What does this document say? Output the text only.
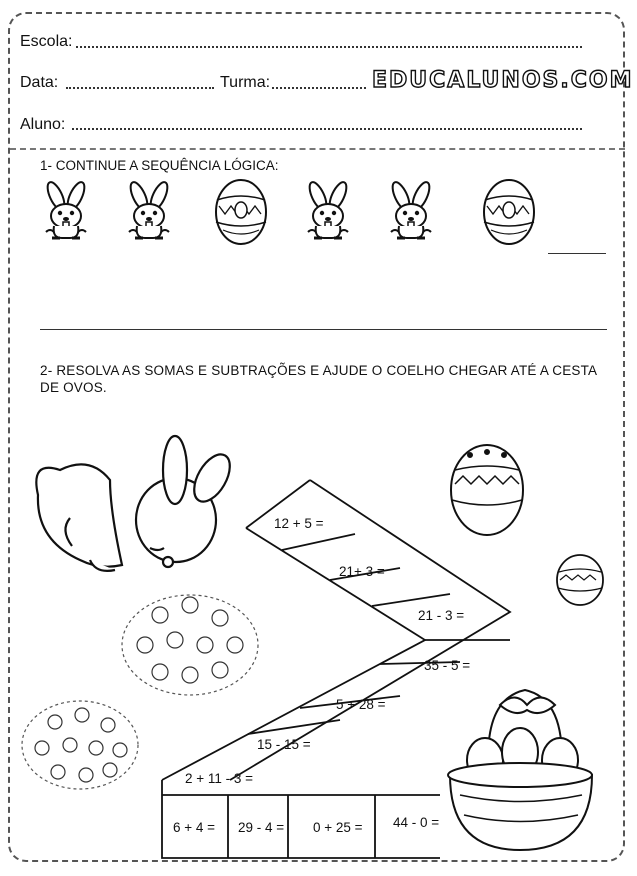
Escola:
Data:	Turma:	EDUCALUNOS.COM
Aluno:
1- CONTINUE A SEQUÊNCIA LÓGICA:
2- RESOLVA AS SOMAS E SUBTRAÇÕES E AJUDE O COELHO CHEGAR ATÉ A CESTA DE OVOS.
12 + 5 =
21+ 3 =
21 - 3 =
35 - 5 =
5 + 28 =
15 - 15 =
2 + 11 - 3 =
6 + 4 = 29 - 4 = 0 + 25 = 44 - 0 =
